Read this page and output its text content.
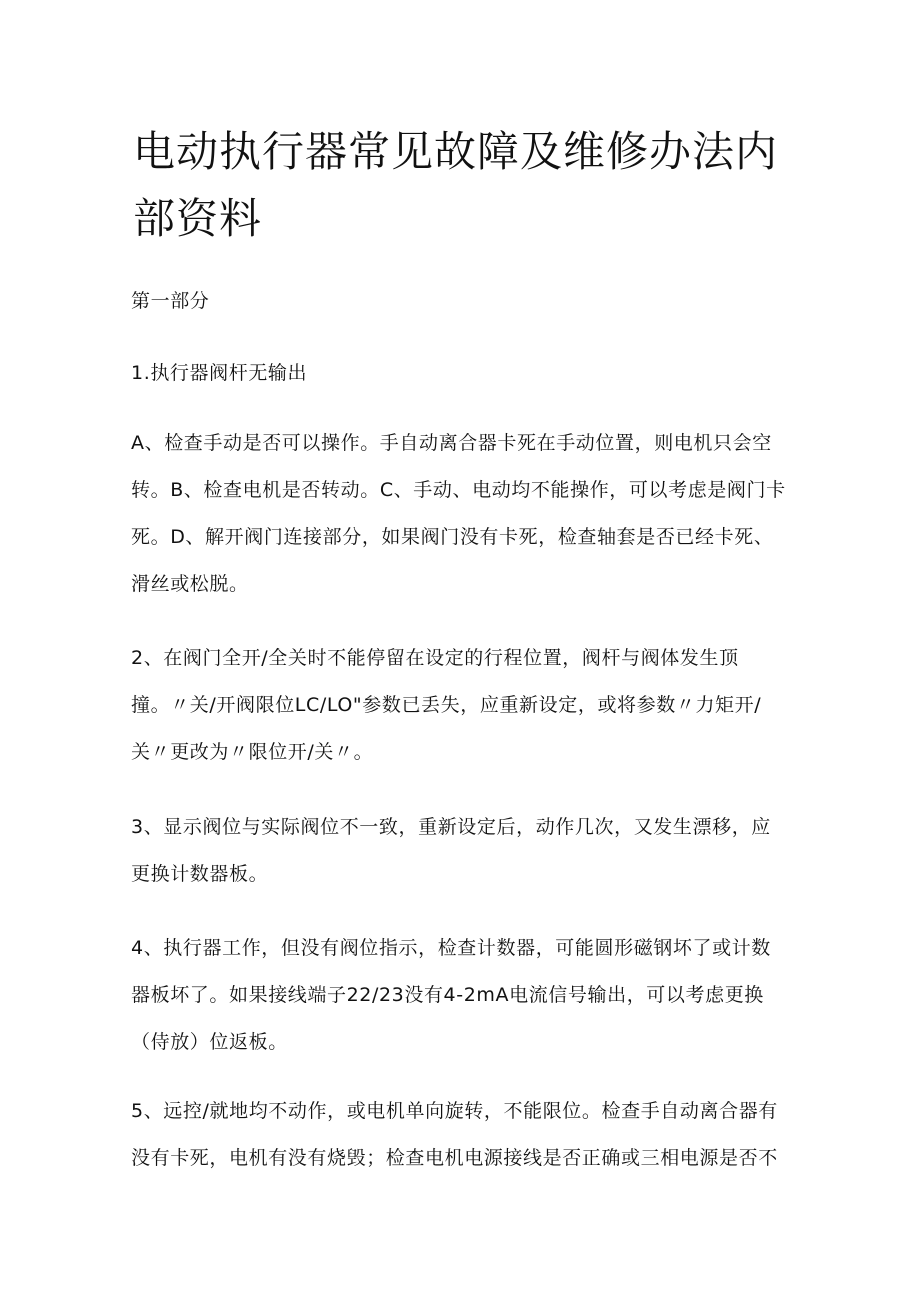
电动执行器常见故障及维修办法内
部资料

第一部分

1.执行器阀杆无输出

A、检查手动是否可以操作。手自动离合器卡死在手动位置，则电机只会空
转。B、检查电机是否转动。C、手动、电动均不能操作，可以考虑是阀门卡
死。D、解开阀门连接部分，如果阀门没有卡死，检查轴套是否已经卡死、
滑丝或松脱。

2、在阀门全开/全关时不能停留在设定的行程位置，阀杆与阀体发生顶
撞。〃关/开阀限位LC/LO"参数已丢失，应重新设定，或将参数〃力矩开/
关〃更改为〃限位开/关〃。

3、显示阀位与实际阀位不一致，重新设定后，动作几次，又发生漂移，应
更换计数器板。

4、执行器工作，但没有阀位指示，检查计数器，可能圆形磁钢坏了或计数
器板坏了。如果接线端子22/23没有4-2mA电流信号输出，可以考虑更换
（侍放）位返板。

5、远控/就地均不动作，或电机单向旋转，不能限位。检查手自动离合器有
没有卡死，电机有没有烧毁；检查电机电源接线是否正确或三相电源是否不
